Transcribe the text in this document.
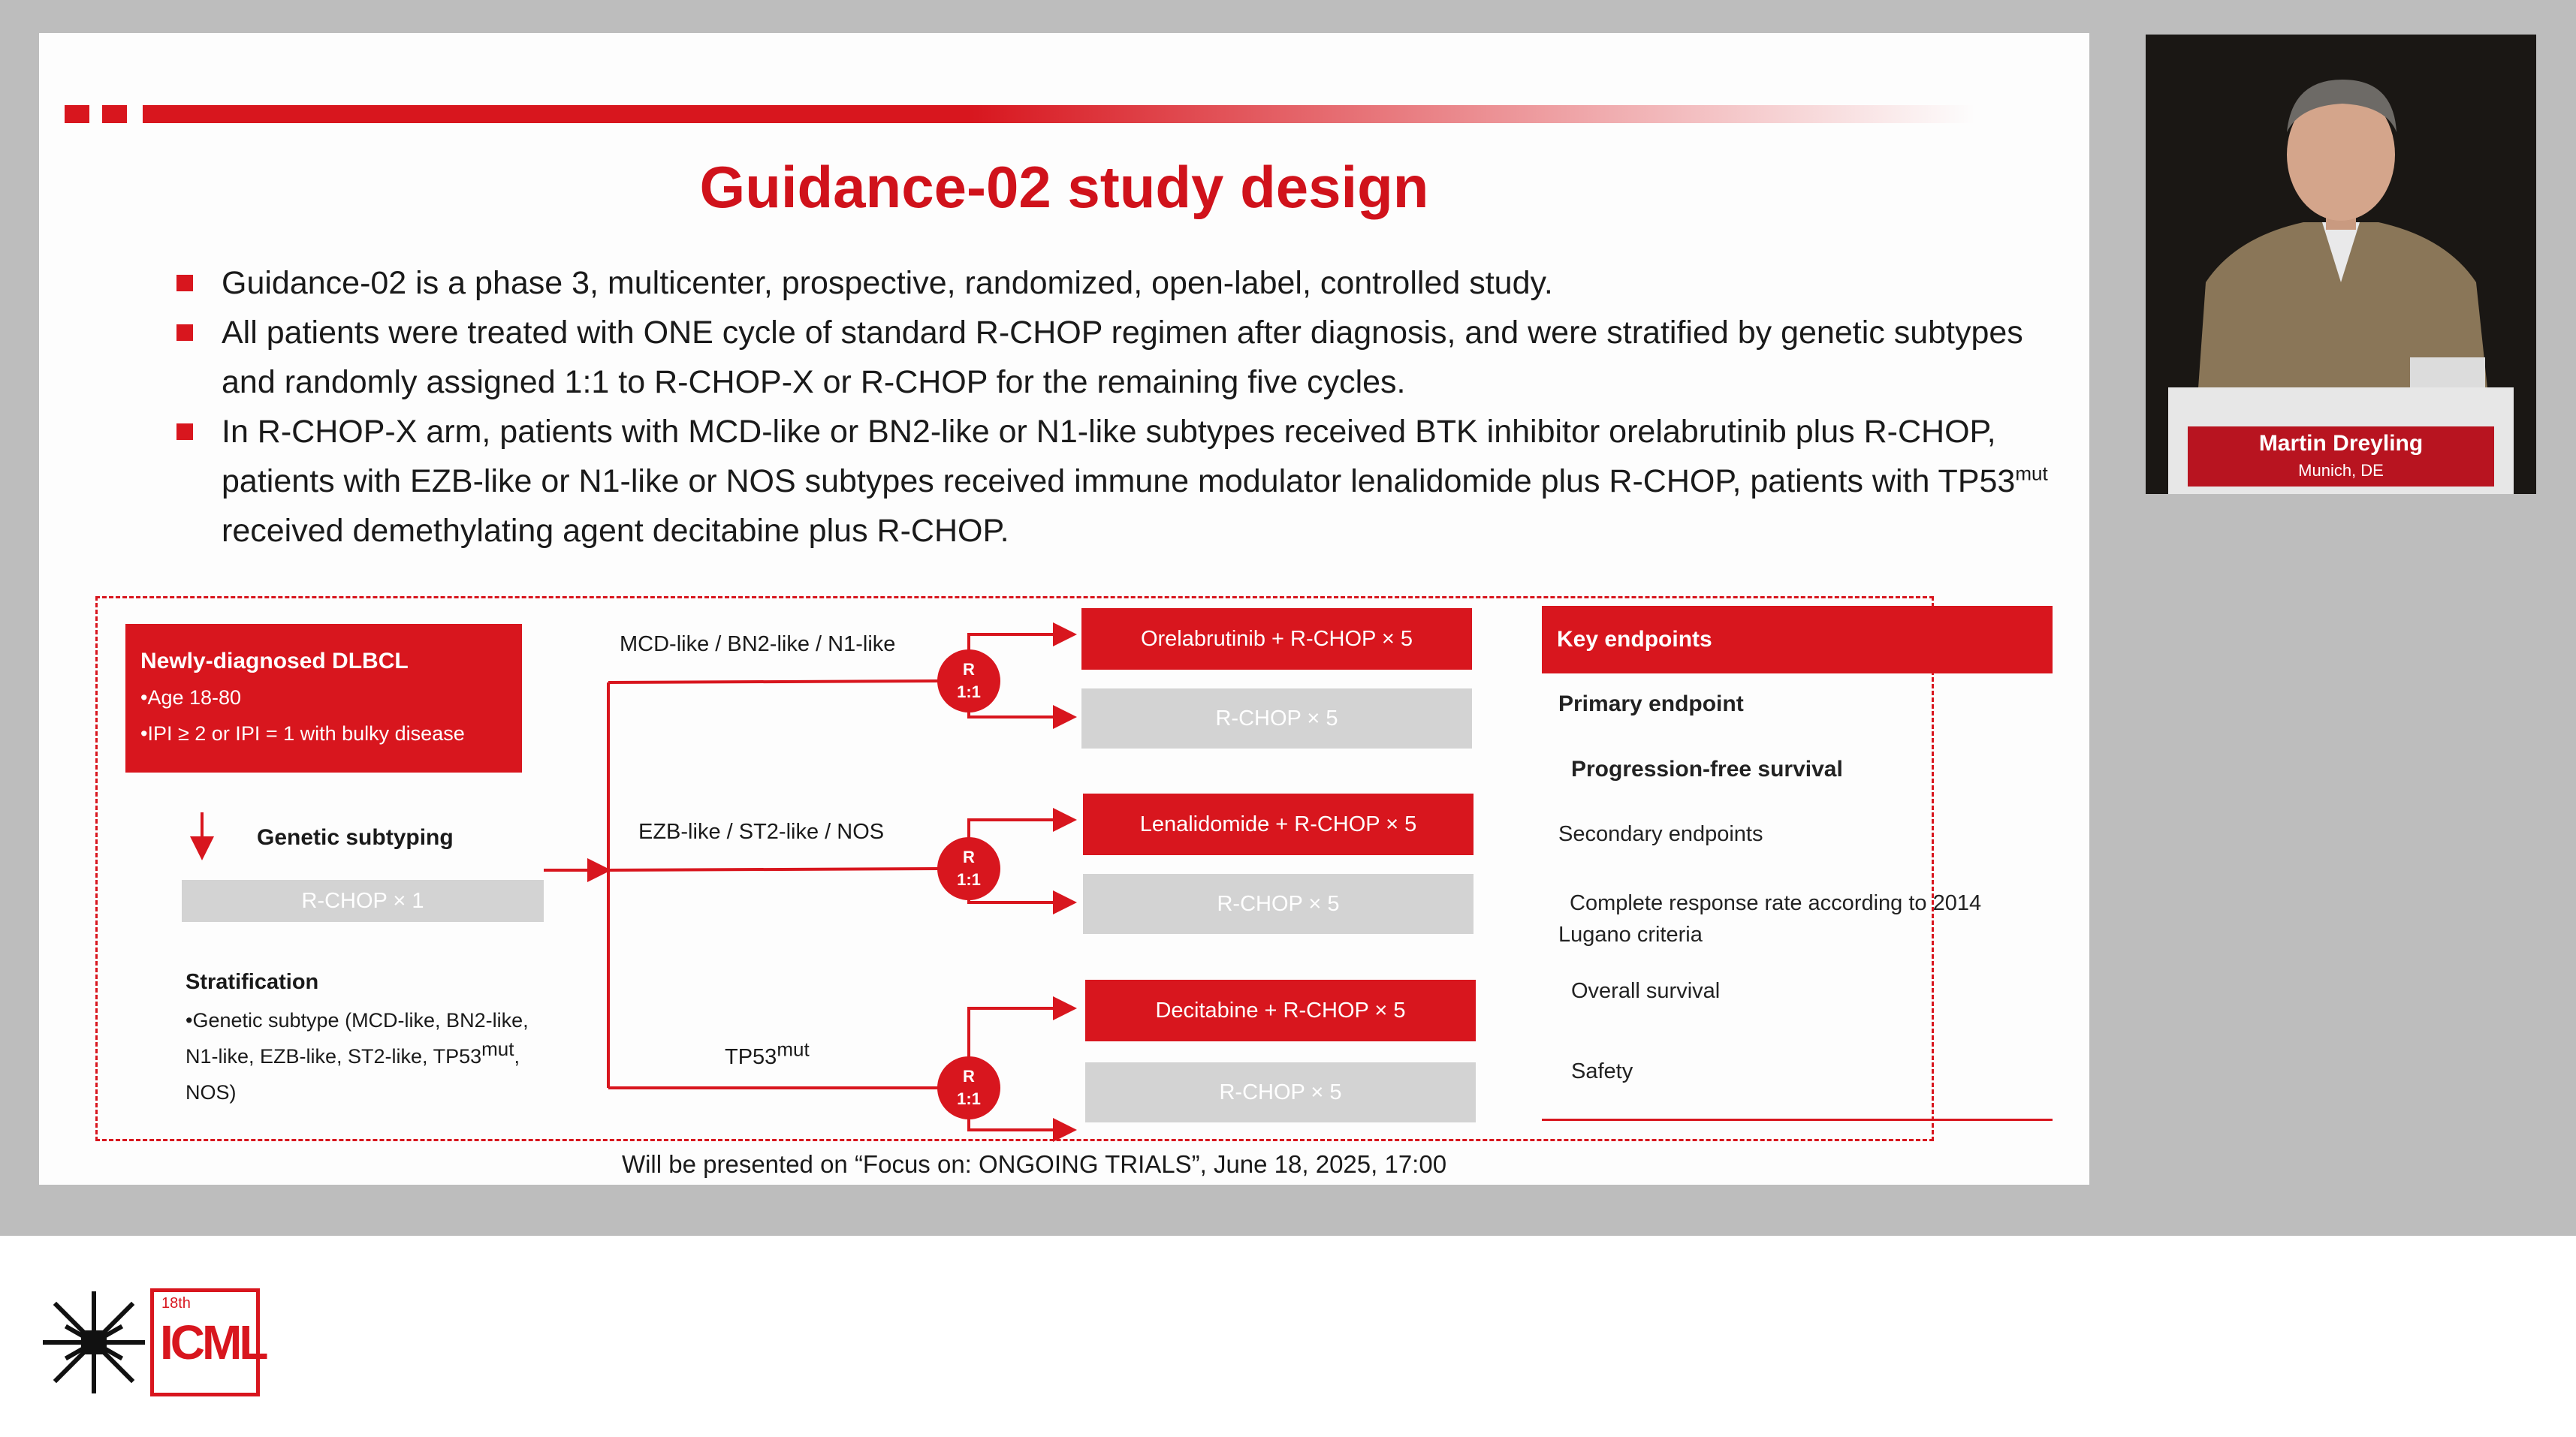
Guidance-02 study design
Guidance-02 is a phase 3, multicenter, prospective, randomized, open-label, controlled study.
All patients were treated with ONE cycle of standard R-CHOP regimen after diagnosis, and were stratified by genetic subtypes and randomly assigned 1:1 to R-CHOP-X or R-CHOP for the remaining five cycles.
In R-CHOP-X arm, patients with MCD-like or BN2-like or N1-like subtypes received BTK inhibitor orelabrutinib plus R-CHOP, patients with EZB-like or N1-like or NOS subtypes received immune modulator lenalidomide plus R-CHOP, patients with $TP53^{mut}$ received demethylating agent decitabine plus R-CHOP.
Newly-diagnosed DLBCL
•Age 18-80
•IPI ≥ 2 or IPI = 1 with bulky disease
Genetic subtyping
R-CHOP × 1
Stratification
•Genetic subtype (MCD-like, BN2-like, N1-like, EZB-like, ST2-like, $TP53^{mut}$, NOS)
MCD-like / BN2-like / N1-like
EZB-like / ST2-like / NOS
$TP53^{mut}$
R
1:1
R
1:1
R
1:1
Orelabrutinib + R-CHOP × 5
R-CHOP × 5
Lenalidomide + R-CHOP × 5
R-CHOP × 5
Decitabine + R-CHOP × 5
R-CHOP × 5
Key endpoints
Primary endpoint
Progression-free survival
Secondary endpoints
Complete response rate according to 2014 Lugano criteria
Overall survival
Safety
Will be presented on “Focus on: ONGOING TRIALS”, June 18, 2025, 17:00
Martin Dreyling
Munich, DE
18th
ICML
